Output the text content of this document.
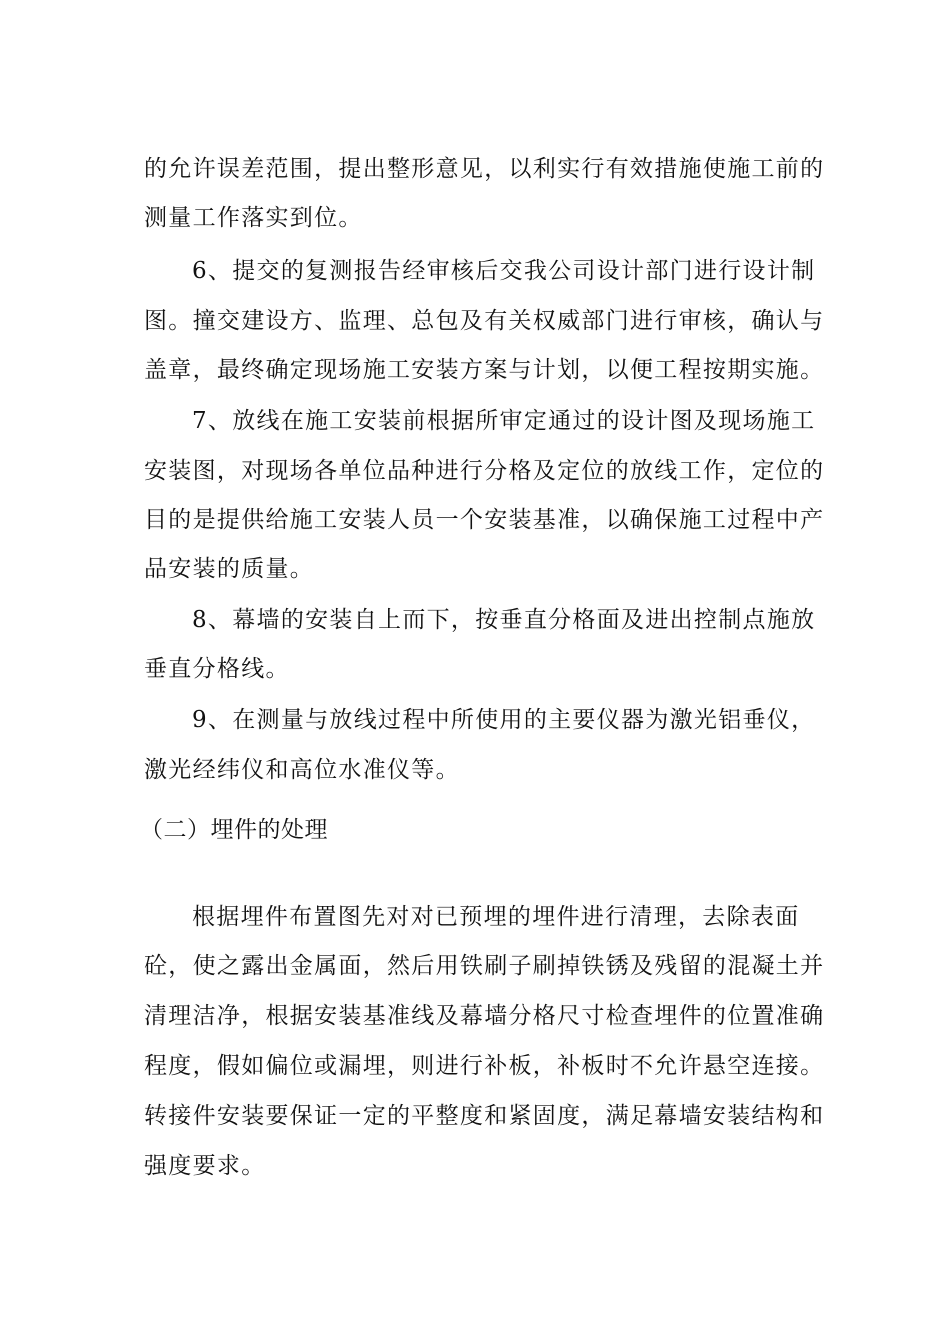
的允许误差范围，提出整形意见，以利实行有效措施使施工前的
测量工作落实到位。
6、提交的复测报告经审核后交我公司设计部门进行设计制
图。撞交建设方、监理、总包及有关权威部门进行审核，确认与
盖章，最终确定现场施工安装方案与计划，以便工程按期实施。
7、放线在施工安装前根据所审定通过的设计图及现场施工
安装图，对现场各单位品种进行分格及定位的放线工作，定位的
目的是提供给施工安装人员一个安装基准，以确保施工过程中产
品安装的质量。
8、幕墙的安装自上而下，按垂直分格面及进出控制点施放
垂直分格线。
9、在测量与放线过程中所使用的主要仪器为激光铝垂仪，
激光经纬仪和高位水准仪等。
（二）埋件的处理
根据埋件布置图先对对已预埋的埋件进行清理，去除表面
砼，使之露出金属面，然后用铁刷子刷掉铁锈及残留的混凝土并
清理洁净，根据安装基准线及幕墙分格尺寸检查埋件的位置准确
程度，假如偏位或漏埋，则进行补板，补板时不允许悬空连接。
转接件安装要保证一定的平整度和紧固度，满足幕墙安装结构和
强度要求。
